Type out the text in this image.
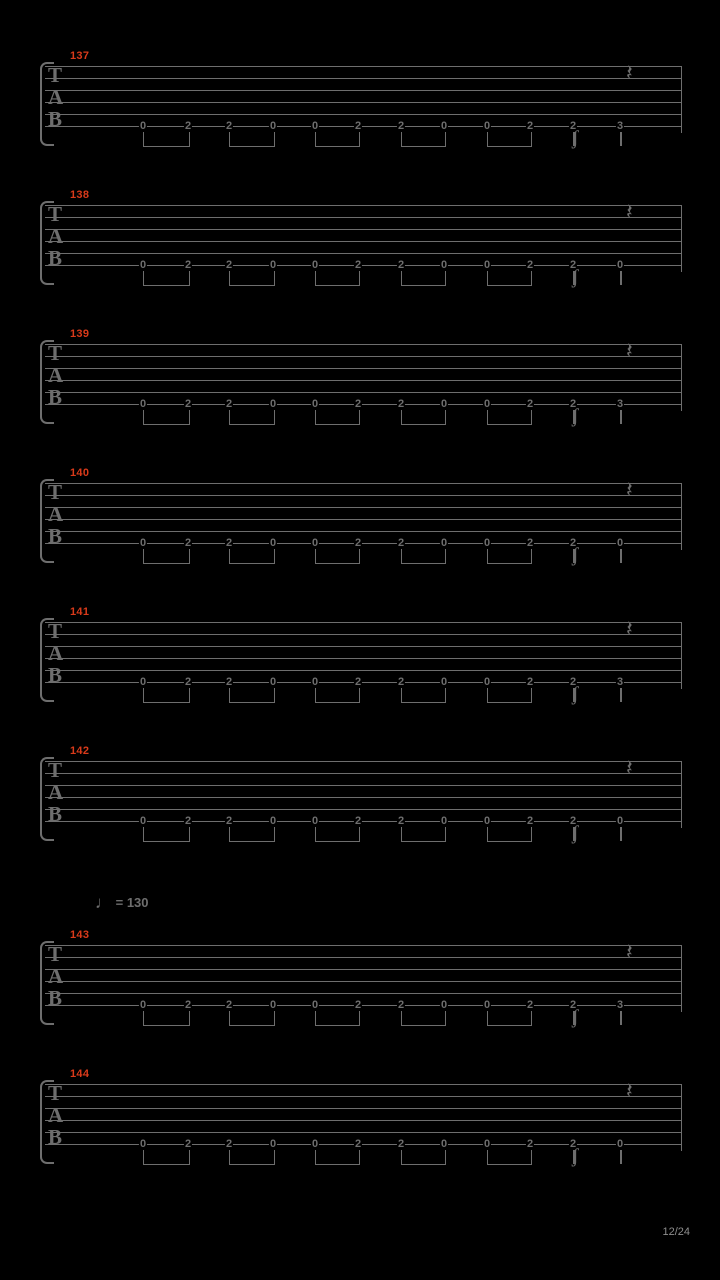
137
T
A
B
𝄽
0	2	2	0	0	2	2	0	0	2	2	3
ʃ
138
T
A
B
𝄽
0	2	2	0	0	2	2	0	0	2	2	0
ʃ
139
T
A
B
𝄽
0	2	2	0	0	2	2	0	0	2	2	3
ʃ
140
T
A
B
𝄽
0	2	2	0	0	2	2	0	0	2	2	0
ʃ
141
T
A
B
𝄽
0	2	2	0	0	2	2	0	0	2	2	3
ʃ
142
T
A
B
𝄽
0	2	2	0	0	2	2	0	0	2	2	0
ʃ
143
T
A
B
𝄽
0	2	2	0	0	2	2	0	0	2	2	3
ʃ
144
T
A
B
𝄽
0	2	2	0	0	2	2	0	0	2	2	0
ʃ
♩ = 130
12/24
